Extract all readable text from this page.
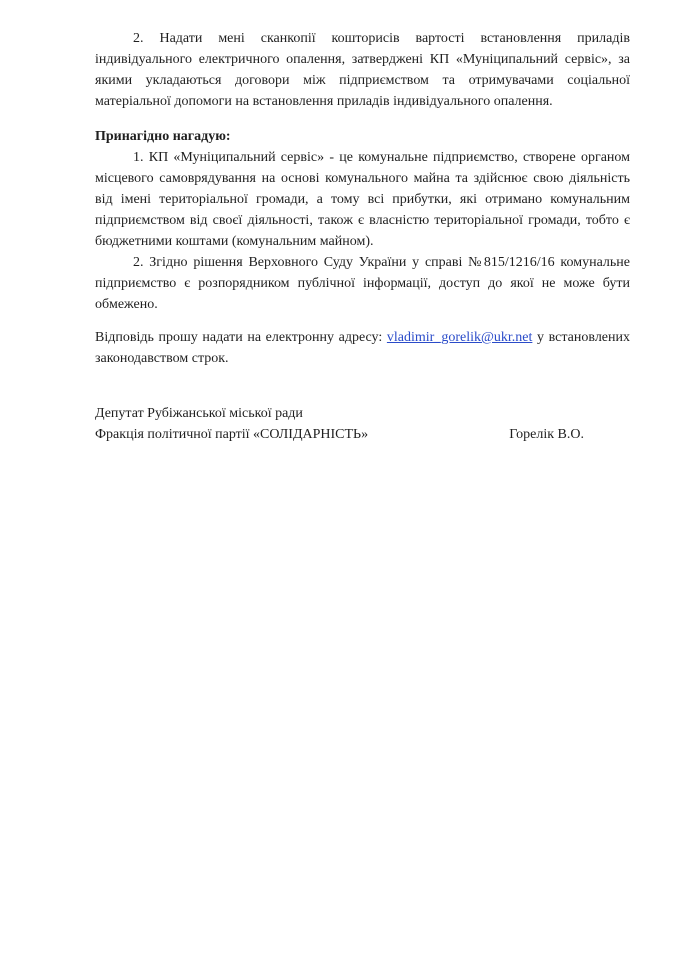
2. Надати мені сканкопії кошторисів вартості встановлення приладів індивідуального електричного опалення, затверджені КП «Муніципальний сервіс», за якими укладаються договори між підприємством та отримувачами соціальної матеріальної допомоги на встановлення приладів індивідуального опалення.

Принагідно нагадую:

1. КП «Муніципальний сервіс» - це комунальне підприємство, створене органом місцевого самоврядування на основі комунального майна та здійснює свою діяльність від імені територіальної громади, а тому всі прибутки, які отримано комунальним підприємством від своєї діяльності, також є власністю територіальної громади, тобто є бюджетними коштами (комунальним майном).

2. Згідно рішення Верховного Суду України у справі №815/1216/16 комунальне підприємство є розпорядником публічної інформації, доступ до якої не може бути обмежено.

Відповідь прошу надати на електронну адресу: vladimir_gorelik@ukr.net у встановлених законодавством строк.

Депутат Рубіжанської міської ради

Фракція політичної партії «СОЛІДАРНІСТЬ»	Горелік В.О.
